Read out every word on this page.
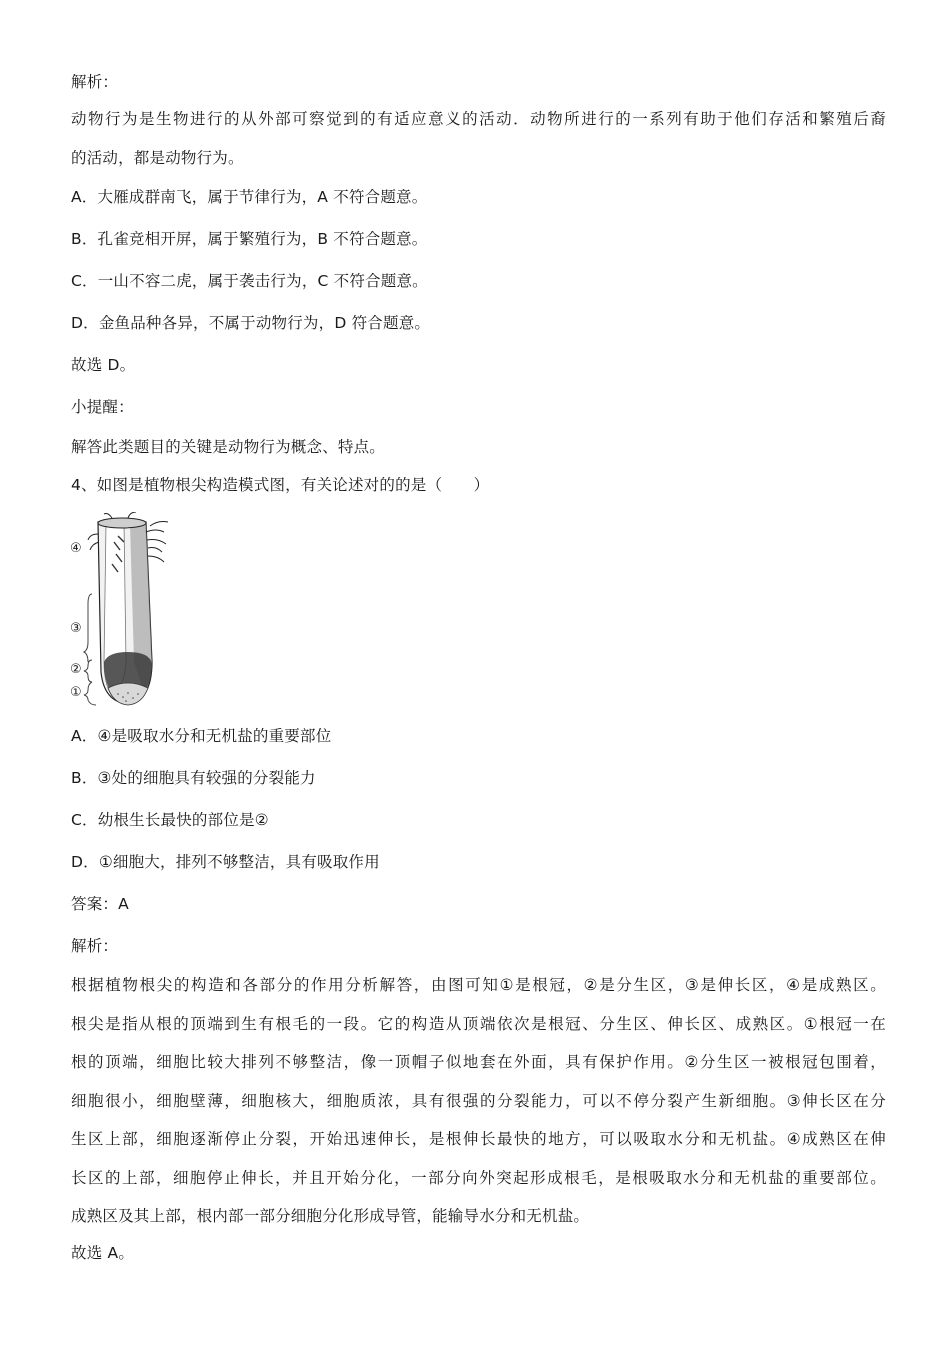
解析：
动物行为是生物进行的从外部可察觉到的有适应意义的活动．动物所进行的一系列有助于他们存活和繁殖后裔
的活动，都是动物行为。
A．大雁成群南飞，属于节律行为，A 不符合题意。
B．孔雀竞相开屏，属于繁殖行为，B 不符合题意。
C．一山不容二虎，属于袭击行为，C 不符合题意。
D．金鱼品种各异，不属于动物行为，D 符合题意。
故选 D。
小提醒：
解答此类题目的关键是动物行为概念、特点。
4、如图是植物根尖构造模式图，有关论述对的的是（　　）
④
③
②
①
A．④是吸取水分和无机盐的重要部位
B．③处的细胞具有较强的分裂能力
C．幼根生长最快的部位是②
D．①细胞大，排列不够整洁，具有吸取作用
答案：A
解析：
根据植物根尖的构造和各部分的作用分析解答，由图可知①是根冠，②是分生区，③是伸长区，④是成熟区。
根尖是指从根的顶端到生有根毛的一段。它的构造从顶端依次是根冠、分生区、伸长区、成熟区。①根冠一在
根的顶端，细胞比较大排列不够整洁，像一顶帽子似地套在外面，具有保护作用。②分生区一被根冠包围着，
细胞很小，细胞壁薄，细胞核大，细胞质浓，具有很强的分裂能力，可以不停分裂产生新细胞。③伸长区在分
生区上部，细胞逐渐停止分裂，开始迅速伸长，是根伸长最快的地方，可以吸取水分和无机盐。④成熟区在伸
长区的上部，细胞停止伸长，并且开始分化，一部分向外突起形成根毛，是根吸取水分和无机盐的重要部位。
成熟区及其上部，根内部一部分细胞分化形成导管，能输导水分和无机盐。
故选 A。
